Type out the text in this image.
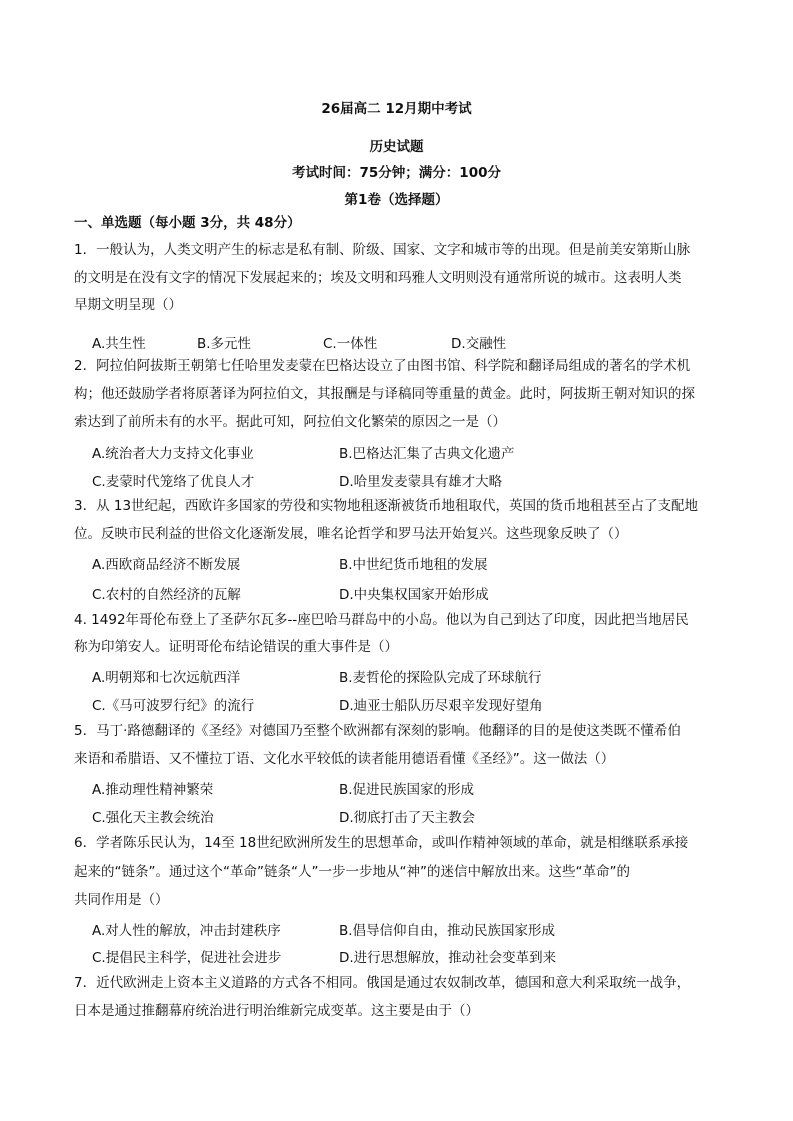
26届高二 12月期中考试
历史试题
考试时间：75分钟；满分：100分
第1卷（选择题）
一、单选题（每小题 3分，共 48分）
1．一般认为，人类文明产生的标志是私有制、阶级、国家、文字和城市等的出现。但是前美安第斯山脉
的文明是在没有文字的情况下发展起来的；埃及文明和玛雅人文明则没有通常所说的城市。这表明人类
早期文明呈现（）
A.共生性	B.多元性	C.一体性	D.交融性
2．阿拉伯阿拔斯王朝第七任哈里发麦蒙在巴格达设立了由图书馆、科学院和翻译局组成的著名的学术机
构；他还鼓励学者将原著译为阿拉伯文，其报酬是与译稿同等重量的黄金。此时，阿拔斯王朝对知识的探
索达到了前所未有的水平。据此可知，阿拉伯文化繁荣的原因之一是（）
A.统治者大力支持文化事业	B.巴格达汇集了古典文化遗产
C.麦蒙时代笼络了优良人才	D.哈里发麦蒙具有雄才大略
3．从 13世纪起，西欧许多国家的劳役和实物地租逐渐被货币地租取代，英国的货币地租甚至占了支配地
位。反映市民利益的世俗文化逐渐发展，唯名论哲学和罗马法开始复兴。这些现象反映了（）
A.西欧商品经济不断发展	B.中世纪货币地租的发展
C.农村的自然经济的瓦解	D.中央集权国家开始形成
4. 1492年哥伦布登上了圣萨尔瓦多--座巴哈马群岛中的小岛。他以为自己到达了印度，因此把当地居民
称为印第安人。证明哥伦布结论错误的重大事件是（）
A.明朝郑和七次远航西洋	B.麦哲伦的探险队完成了环球航行
C.《马可波罗行纪》的流行	D.迪亚士船队历尽艰辛发现好望角
5．马丁·路德翻译的《圣经》对德国乃至整个欧洲都有深刻的影响。他翻译的目的是使这类既不懂希伯
来语和希腊语、又不懂拉丁语、文化水平较低的读者能用德语看懂《圣经》”。这一做法（）
A.推动理性精神繁荣	B.促进民族国家的形成
C.强化天主教会统治	D.彻底打击了天主教会
6．学者陈乐民认为，14至 18世纪欧洲所发生的思想革命，或叫作精神领域的革命，就是相继联系承接
起来的“链条”。通过这个“革命”链条“人”一步一步地从“神”的迷信中解放出来。这些“革命”的
共同作用是（）
A.对人性的解放，冲击封建秩序	B.倡导信仰自由，推动民族国家形成
C.提倡民主科学，促进社会进步	D.进行思想解放，推动社会变革到来
7．近代欧洲走上资本主义道路的方式各不相同。俄国是通过农奴制改革，德国和意大利采取统一战争，
日本是通过推翻幕府统治进行明治维新完成变革。这主要是由于（）
